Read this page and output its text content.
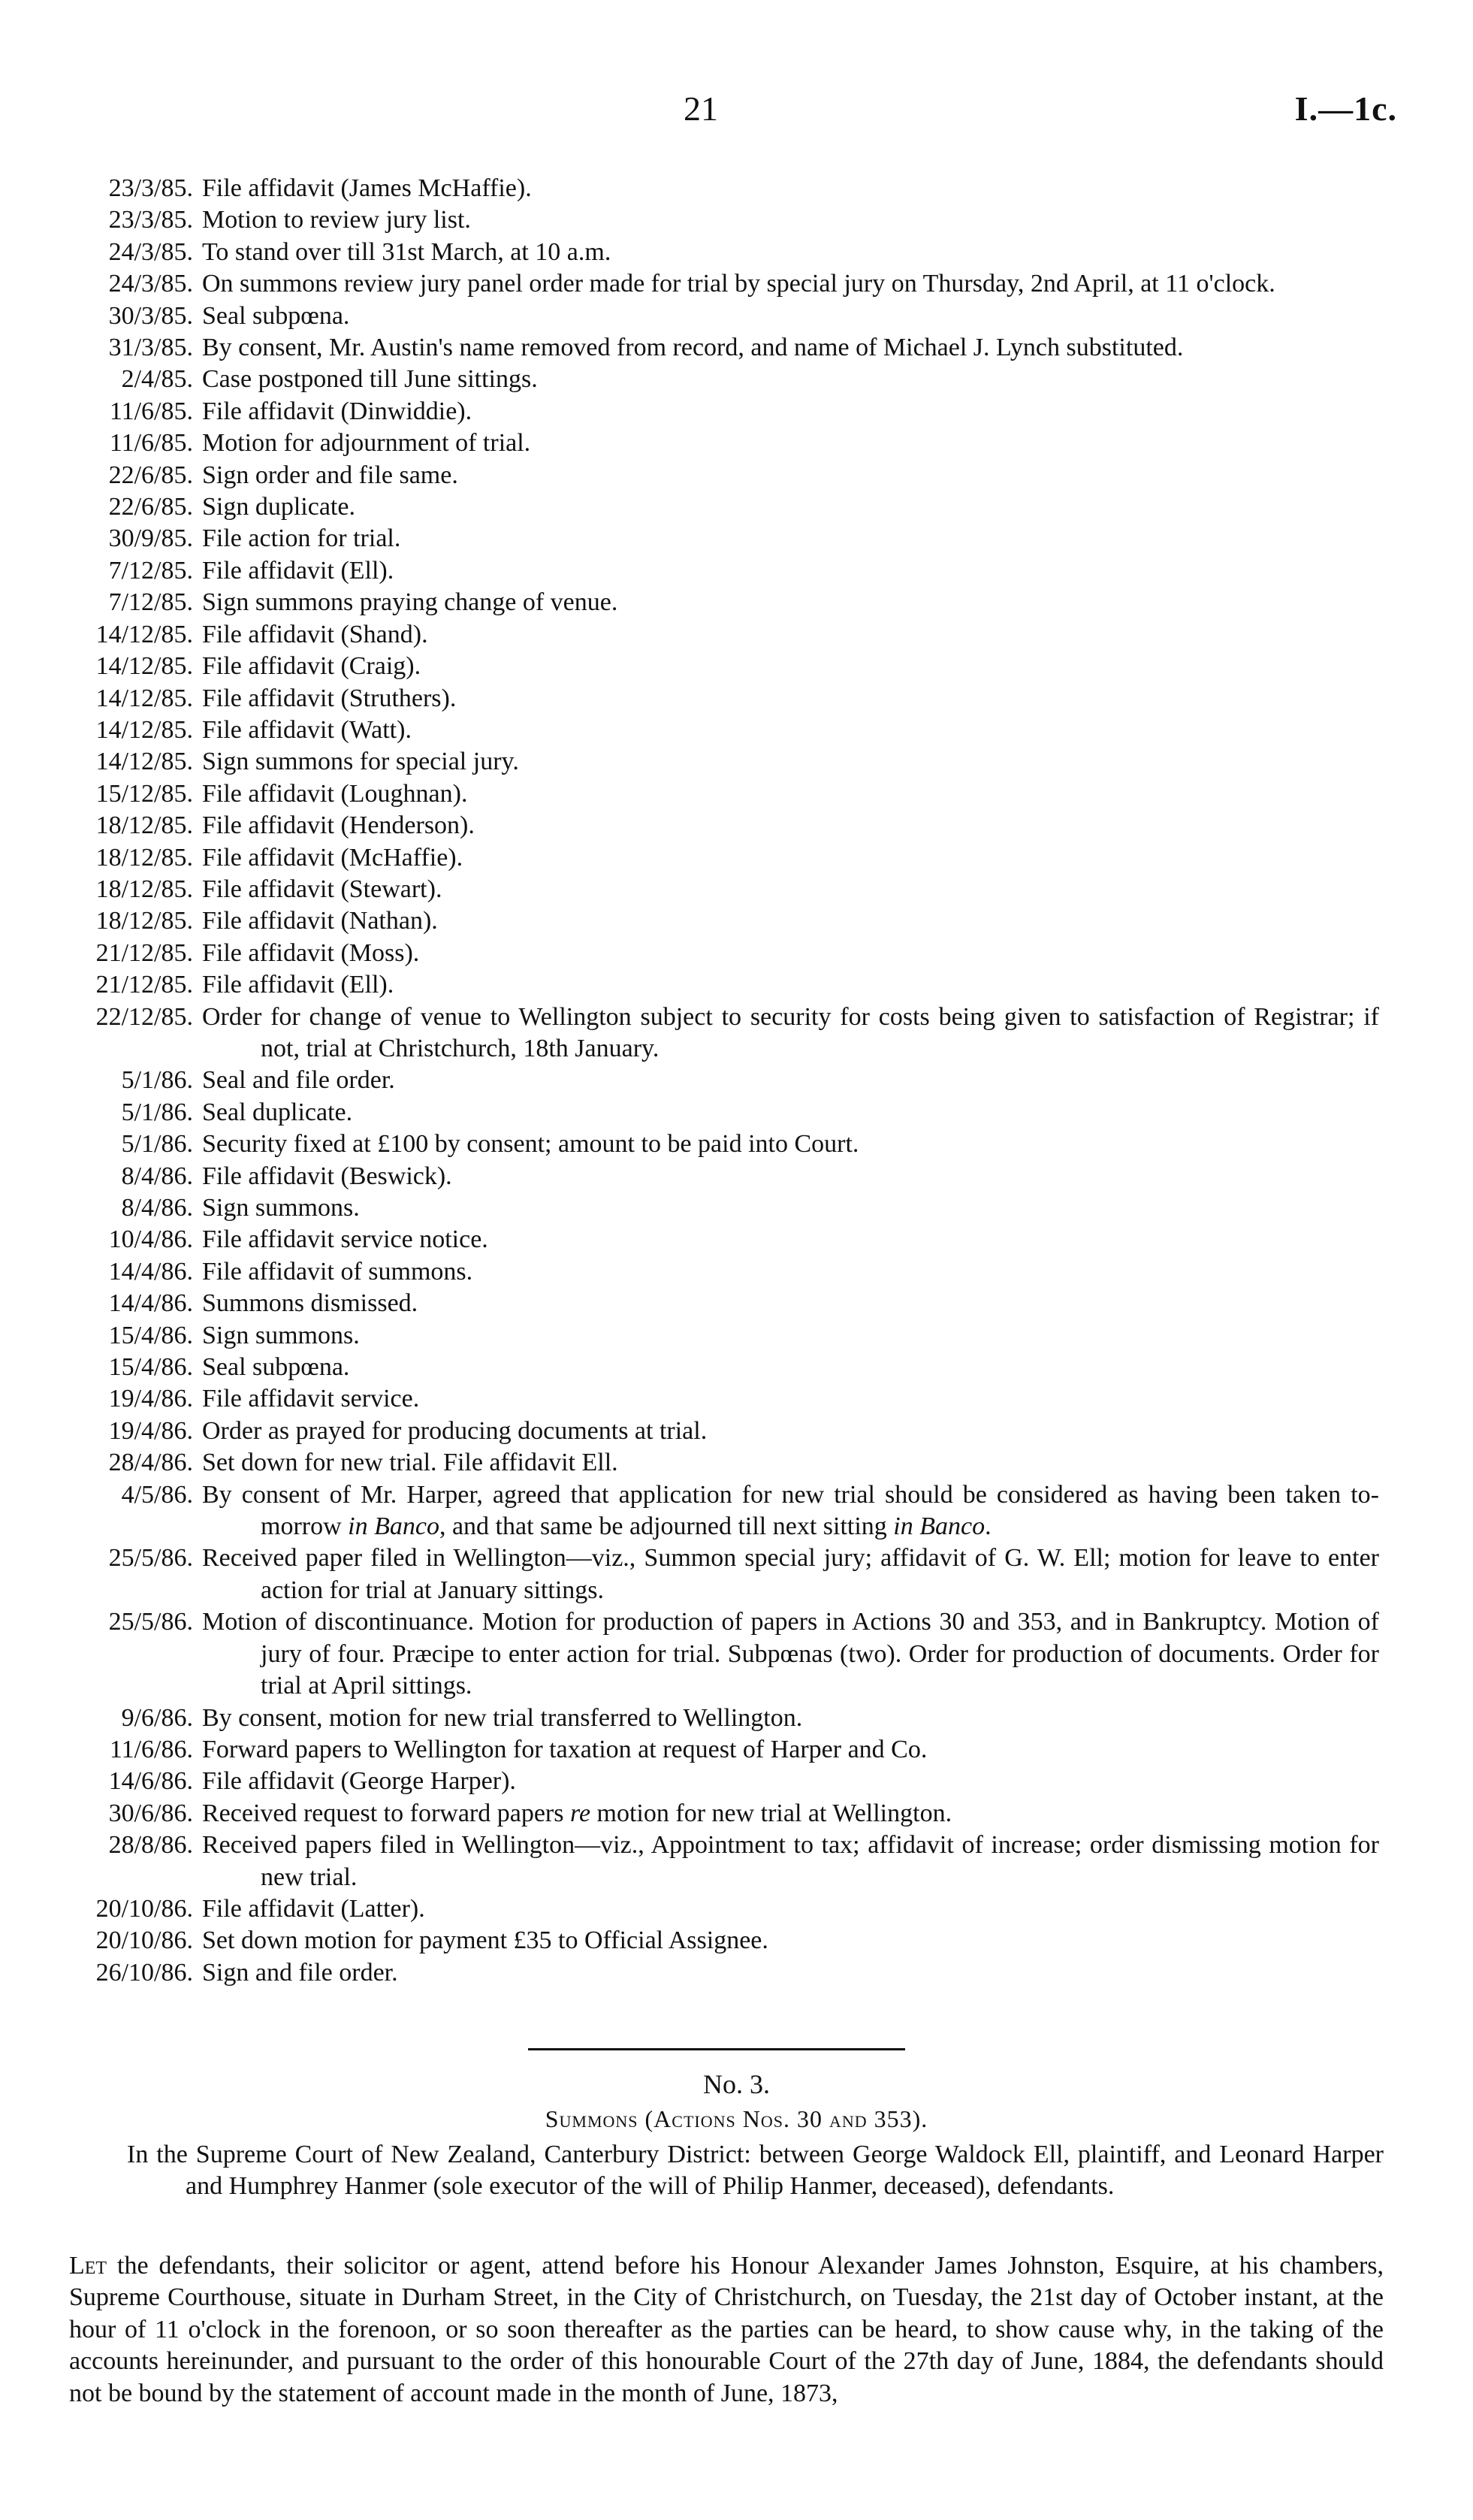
21	I.—1c.
23/3/85. File affidavit (James McHaffie).
23/3/85. Motion to review jury list.
24/3/85. To stand over till 31st March, at 10 a.m.
24/3/85. On summons review jury panel order made for trial by special jury on Thursday, 2nd April, at 11 o'clock.
30/3/85. Seal subpœna.
31/3/85. By consent, Mr. Austin's name removed from record, and name of Michael J. Lynch substituted.
2/4/85. Case postponed till June sittings.
11/6/85. File affidavit (Dinwiddie).
11/6/85. Motion for adjournment of trial.
22/6/85. Sign order and file same.
22/6/85. Sign duplicate.
30/9/85. File action for trial.
7/12/85. File affidavit (Ell).
7/12/85. Sign summons praying change of venue.
14/12/85. File affidavit (Shand).
14/12/85. File affidavit (Craig).
14/12/85. File affidavit (Struthers).
14/12/85. File affidavit (Watt).
14/12/85. Sign summons for special jury.
15/12/85. File affidavit (Loughnan).
18/12/85. File affidavit (Henderson).
18/12/85. File affidavit (McHaffie).
18/12/85. File affidavit (Stewart).
18/12/85. File affidavit (Nathan).
21/12/85. File affidavit (Moss).
21/12/85. File affidavit (Ell).
22/12/85. Order for change of venue to Wellington subject to security for costs being given to satisfaction of Registrar; if not, trial at Christchurch, 18th January.
5/1/86. Seal and file order.
5/1/86. Seal duplicate.
5/1/86. Security fixed at £100 by consent; amount to be paid into Court.
8/4/86. File affidavit (Beswick).
8/4/86. Sign summons.
10/4/86. File affidavit service notice.
14/4/86. File affidavit of summons.
14/4/86. Summons dismissed.
15/4/86. Sign summons.
15/4/86. Seal subpœna.
19/4/86. File affidavit service.
19/4/86. Order as prayed for producing documents at trial.
28/4/86. Set down for new trial. File affidavit Ell.
4/5/86. By consent of Mr. Harper, agreed that application for new trial should be considered as having been taken to-morrow in Banco, and that same be adjourned till next sitting in Banco.
25/5/86. Received paper filed in Wellington—viz., Summon special jury; affidavit of G. W. Ell; motion for leave to enter action for trial at January sittings.
25/5/86. Motion of discontinuance. Motion for production of papers in Actions 30 and 353, and in Bankruptcy. Motion of jury of four. Præcipe to enter action for trial. Subpœnas (two). Order for production of documents. Order for trial at April sittings.
9/6/86. By consent, motion for new trial transferred to Wellington.
11/6/86. Forward papers to Wellington for taxation at request of Harper and Co.
14/6/86. File affidavit (George Harper).
30/6/86. Received request to forward papers re motion for new trial at Wellington.
28/8/86. Received papers filed in Wellington—viz., Appointment to tax; affidavit of increase; order dismissing motion for new trial.
20/10/86. File affidavit (Latter).
20/10/86. Set down motion for payment £35 to Official Assignee.
26/10/86. Sign and file order.
No. 3.
Summons (Actions Nos. 30 and 353).
In the Supreme Court of New Zealand, Canterbury District: between George Waldock Ell, plaintiff, and Leonard Harper and Humphrey Hanmer (sole executor of the will of Philip Hanmer, deceased), defendants.
Let the defendants, their solicitor or agent, attend before his Honour Alexander James Johnston, Esquire, at his chambers, Supreme Courthouse, situate in Durham Street, in the City of Christchurch, on Tuesday, the 21st day of October instant, at the hour of 11 o'clock in the forenoon, or so soon thereafter as the parties can be heard, to show cause why, in the taking of the accounts hereinunder, and pursuant to the order of this honourable Court of the 27th day of June, 1884, the defendants should not be bound by the statement of account made in the month of June, 1873,
